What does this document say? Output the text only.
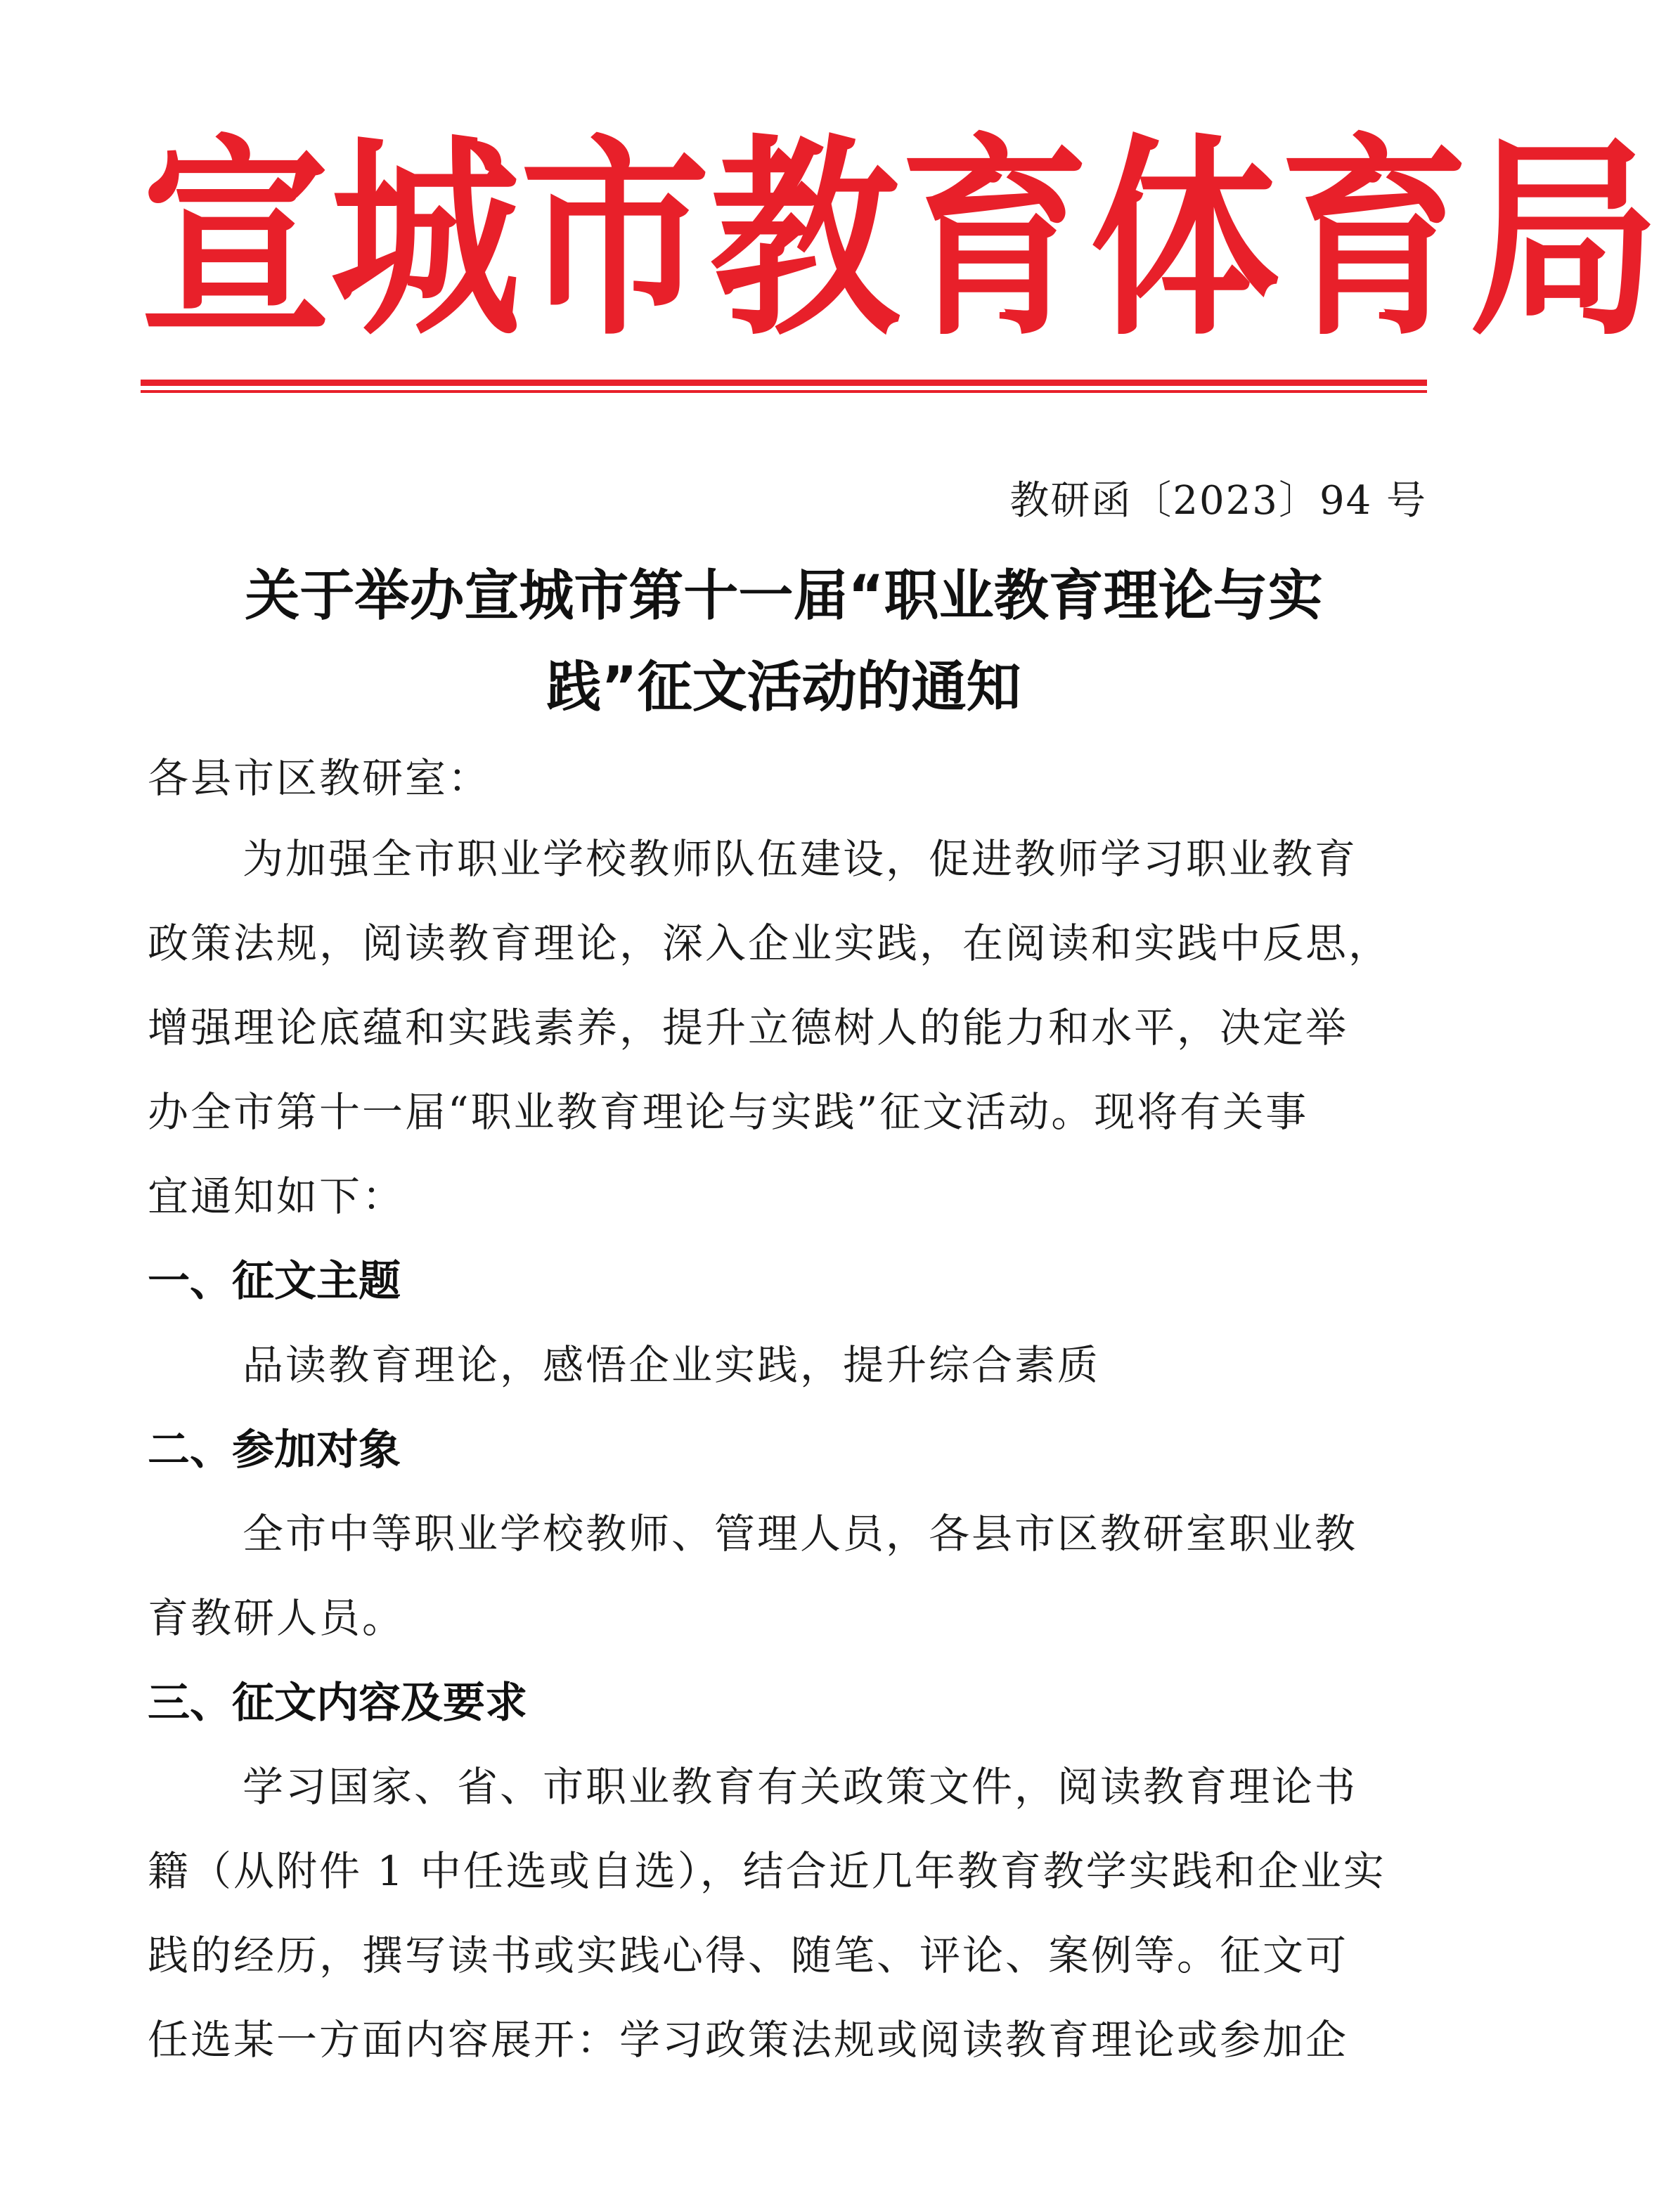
宣 城 市 教 育 体 育 局
教研函〔2023〕94 号
关于举办宣城市第十一届“职业教育理论与实
践”征文活动的通知
各县市区教研室：
为加强全市职业学校教师队伍建设，促进教师学习职业教育
政策法规，阅读教育理论，深入企业实践，在阅读和实践中反思，
增强理论底蕴和实践素养，提升立德树人的能力和水平，决定举
办全市第十一届“职业教育理论与实践”征文活动。现将有关事
宜通知如下：
一、征文主题
品读教育理论，感悟企业实践，提升综合素质
二、参加对象
全市中等职业学校教师、管理人员，各县市区教研室职业教
育教研人员。
三、征文内容及要求
学习国家、省、市职业教育有关政策文件，阅读教育理论书
籍（从附件 1 中任选或自选），结合近几年教育教学实践和企业实
践的经历，撰写读书或实践心得、随笔、评论、案例等。征文可
任选某一方面内容展开：学习政策法规或阅读教育理论或参加企
